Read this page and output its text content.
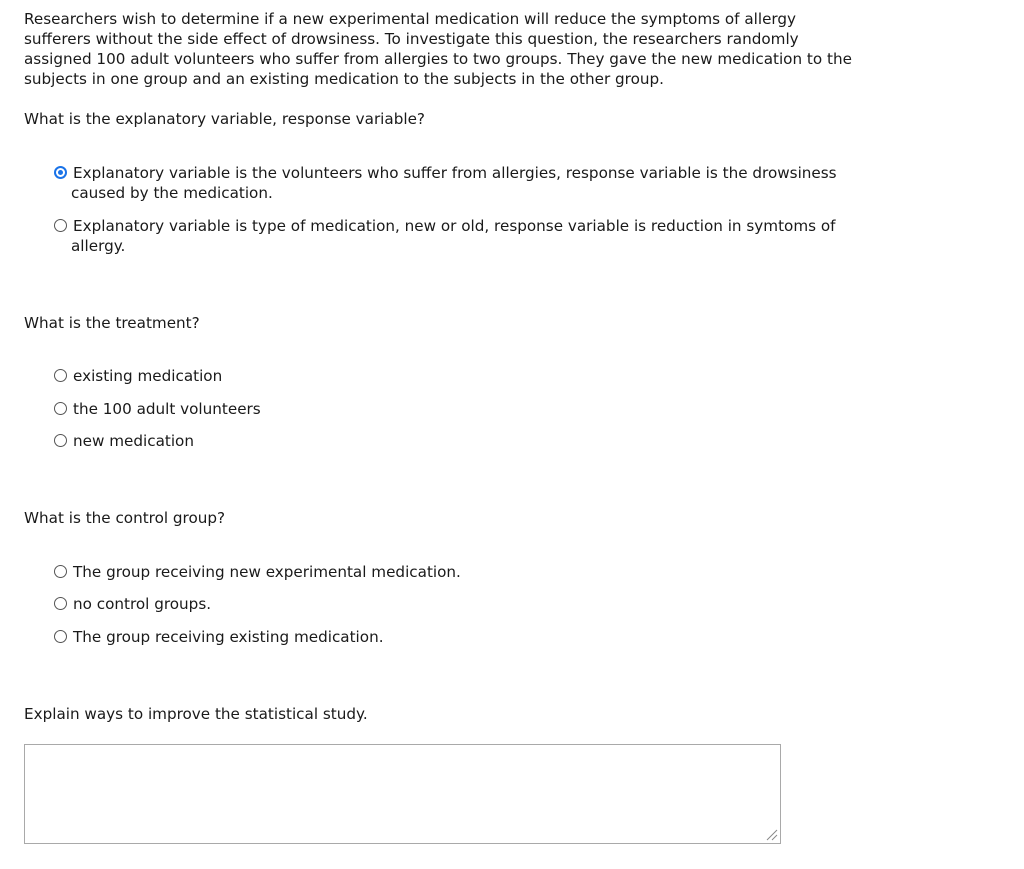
Researchers wish to determine if a new experimental medication will reduce the symptoms of allergy sufferers without the side effect of drowsiness. To investigate this question, the researchers randomly assigned 100 adult volunteers who suffer from allergies to two groups. They gave the new medication to the subjects in one group and an existing medication to the subjects in the other group.

What is the explanatory variable, response variable?

Explanatory variable is the volunteers who suffer from allergies, response variable is the drowsiness
caused by the medication.
Explanatory variable is type of medication, new or old, response variable is reduction in symtoms of
allergy.

What is the treatment?

existing medication
the 100 adult volunteers
new medication

What is the control group?

The group receiving new experimental medication.
no control groups.
The group receiving existing medication.

Explain ways to improve the statistical study.
